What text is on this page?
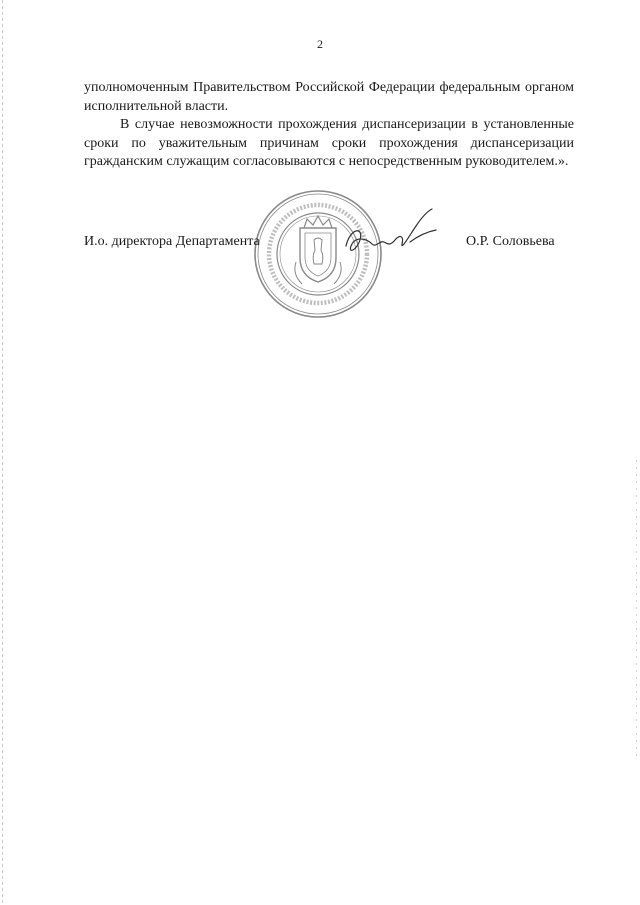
2

уполномоченным Правительством Российской Федерации федеральным органом исполнительной власти.

В случае невозможности прохождения диспансеризации в установленные сроки по уважительным причинам сроки прохождения диспансеризации гражданским служащим согласовываются с непосредственным руководителем.».

И.о. директора Департамента	О.Р. Соловьева
